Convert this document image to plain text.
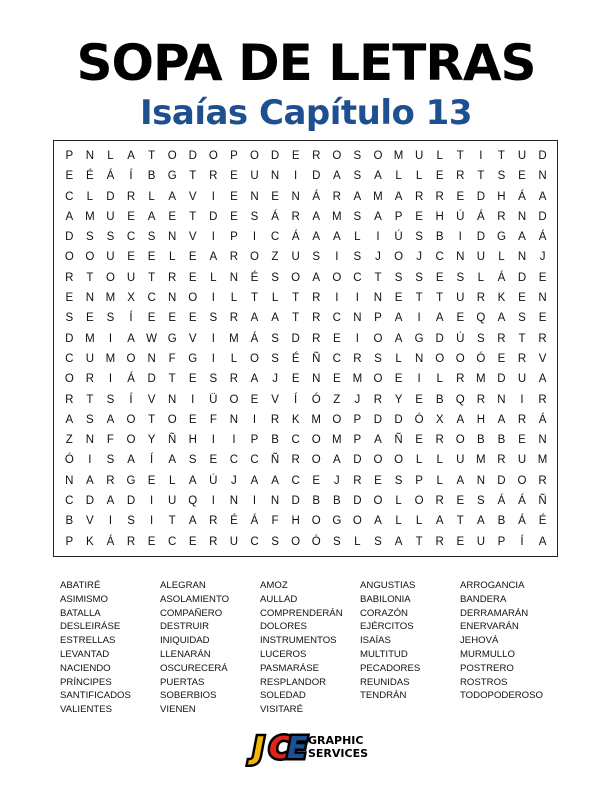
SOPA DE LETRAS
Isaías Capítulo 13
P	N	L	A	T	O	D	O	P	O	D	E	R	O	S	O M	U	L	T	I	T	U	D
E	É	Á	Í	B	G	T	R	E	U	N	I	D	A	S	A	L	L	E	R	T	S	E	N
C	L	D	R	L	A	V	I	E	N	E	N	Á	R	A	M	A	R	R	E	D	H	Á	A
A	M	U	E	A	E	T	D	E	S	Á	R	A	M	S	A	P	E	H	Ú	Á	R	N	D
D	S	S	C	S	N	V	I	P	I	C	Á	A	A	L	I	Ú	S	B	I	D	G	A	Á
O	O	U	E	E	L	E	A	R	O	Z	U	S	I	S	J	O	J	C	N	U	L	N	J
R	T	O	U	T	R	E	L	N	É	S	O	A	O	C	T	S	S	E	S	L	Á	D	E
E	N	M	X	C	N	O	I	L	T	L	T	R	I	I	N	E	T	T	U	R	K	E	N
S	E	S	Í	E	E	E	S	R	A	A	T	R	C	N	P	A	I	A	E	Q	A	S	E
D	M	I	A W G	V	I	M	Á	S	D	R	E	I	O	A	G	D	Ú	S	R	T	R
C	U	M O	N	F	G	I	L	O	S	É	Ñ	C	R	S	L	N	O	O	Ó	E	R	V
O	R	I	Á	D	T	E	S	R	A	J	E	N	E	M O	E	I	L	R	M	D	U	A
R	T	S	Í	V	N	I	Ü	O	E	V	Í	Ó	Z	J	R	Y	E	B	Q	R	N	I	R
A	S	A	O	T	O	E	F	N	I	R	K	M O	P	D	D	Ó	X	A	H	A	R	Á
Z	N	F	O	Y	Ñ	H	I	I	P	B	C	O M	P	A	Ñ	E	R	O	B	B	E	N
Ó	I	S	A	Í	A	S	E	C	C	Ñ	R	O	A	D	O	O	L	L	U	M	R	U	M
N	A	R	G	E	L	A	Ú	J	A	A	C	E	J	R	E	S	P	L	A	N	D	O	R
C	D	A	D	I	U	Q	I	N	I	N	D	B	B	D	O	L	O	R	E	S	Á	Á	Ñ
B	V	I	S	I	T	A	R	É	Á	F	H	O	G	O	A	L	L	A	T	A	B	Á	É
P	K	Á	R	E	C	E	R	U	C	S	O	Ó	S	L	S	A	T	R	E	U	P	Í	A
ABATIRÉ	ALEGRAN	AMOZ	ANGUSTIAS	ARROGANCIA
ASIMISMO	ASOLAMIENTO	AULLAD	BABILONIA	BANDERA
BATALLA	COMPAÑERO	COMPRENDERÁN	CORAZÓN	DERRAMARÁN
DESLEIRÁSE	DESTRUIR	DOLORES	EJÉRCITOS	ENERVARÁN
ESTRELLAS	INIQUIDAD	INSTRUMENTOS	ISAÍAS	JEHOVÁ
LEVANTAD	LLENARÁN	LUCEROS	MULTITUD	MURMULLO
NACIENDO	OSCURECERÁ	PASMARÁSE	PECADORES	POSTRERO
PRÍNCIPES	PUERTAS	RESPLANDOR	REUNIDAS	ROSTROS
SANTIFICADOS	SOBERBIOS	SOLEDAD	TENDRÁN	TODOPODEROSO
VALIENTES	VIENEN	VISITARÉ
J C
E GRAPHIC
SERVICES
